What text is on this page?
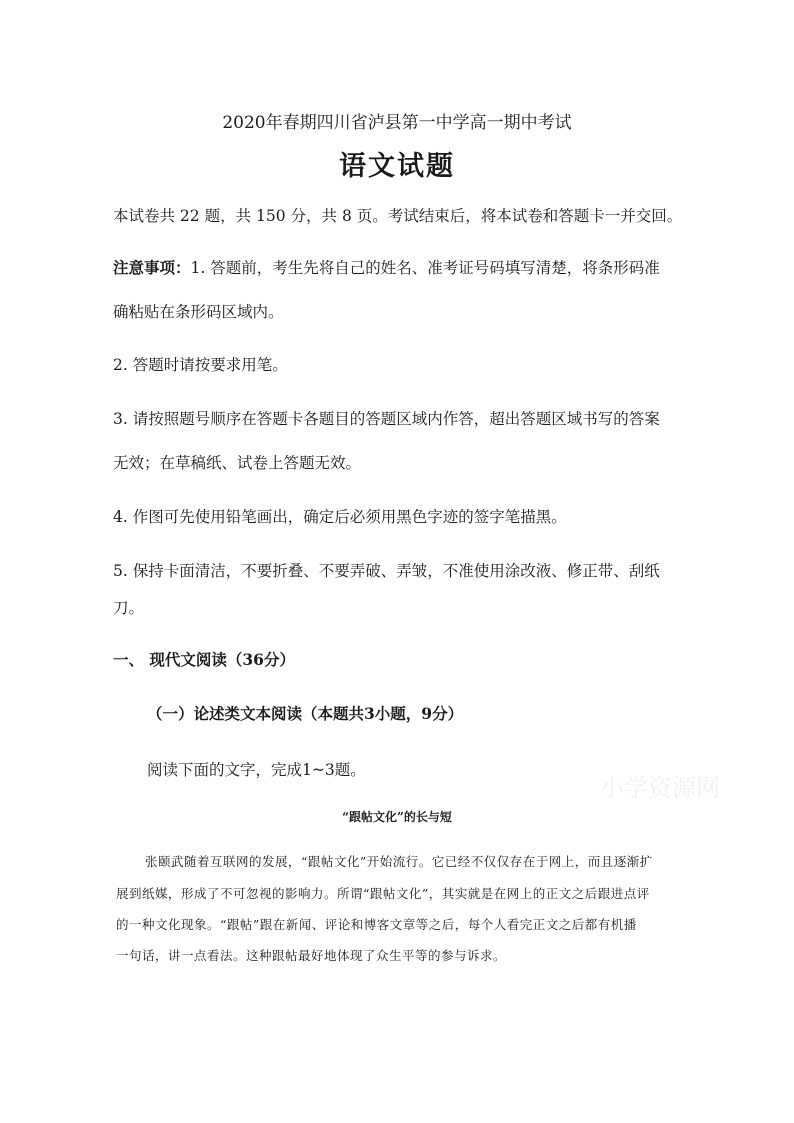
2020年春期四川省泸县第一中学高一期中考试
语文试题
本试卷共 22 题，共 150 分，共 8 页。考试结束后，将本试卷和答题卡一并交回。
注意事项：1. 答题前，考生先将自己的姓名、准考证号码填写清楚，将条形码准
确粘贴在条形码区域内。
2. 答题时请按要求用笔。
3. 请按照题号顺序在答题卡各题目的答题区域内作答，超出答题区域书写的答案
无效；在草稿纸、试卷上答题无效。
4. 作图可先使用铅笔画出，确定后必须用黑色字迹的签字笔描黑。
5. 保持卡面清洁，不要折叠、不要弄破、弄皱，不准使用涂改液、修正带、刮纸
刀。
一、 现代文阅读（36分）
（一）论述类文本阅读（本题共3小题，9分）
阅读下面的文字，完成1~3题。
小学资源网
“跟帖文化”的长与短
张颐武随着互联网的发展，“跟帖文化”开始流行。它已经不仅仅存在于网上，而且逐渐扩
展到纸媒，形成了不可忽视的影响力。所谓“跟帖文化”，其实就是在网上的正文之后跟进点评
的一种文化现象。“跟帖”跟在新闻、评论和博客文章等之后，每个人看完正文之后都有机播
一句话，讲一点看法。这种跟帖最好地体现了众生平等的参与诉求。
